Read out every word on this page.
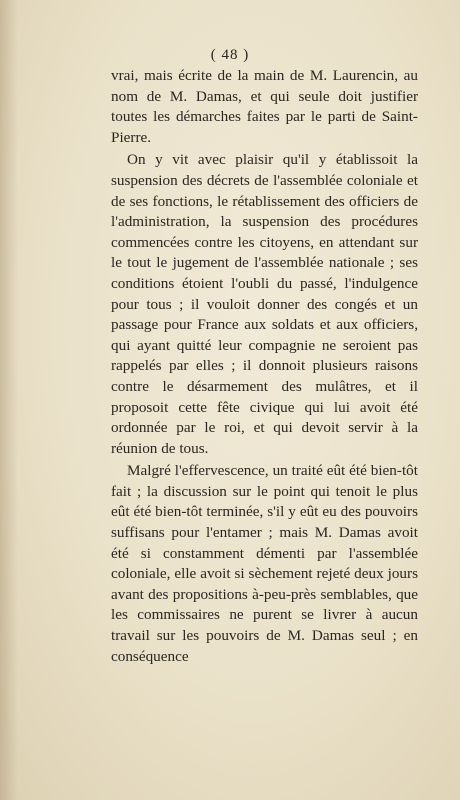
( 48 )

vrai, mais écrite de la main de M. Laurencin, au nom de M. Damas, et qui seule doit justifier toutes les démarches faites par le parti de Saint-Pierre.

On y vit avec plaisir qu'il y établissoit la suspension des décrets de l'assemblée coloniale et de ses fonctions, le rétablissement des officiers de l'administration, la suspension des procédures commencées contre les citoyens, en attendant sur le tout le jugement de l'assemblée nationale ; ses conditions étoient l'oubli du passé, l'indulgence pour tous ; il vouloit donner des congés et un passage pour France aux soldats et aux officiers, qui ayant quitté leur compagnie ne seroient pas rappelés par elles ; il donnoit plusieurs raisons contre le désarmement des mulâtres, et il proposoit cette fête civique qui lui avoit été ordonnée par le roi, et qui devoit servir à la réunion de tous.

Malgré l'effervescence, un traité eût été bien-tôt fait ; la discussion sur le point qui tenoit le plus eût été bien-tôt terminée, s'il y eût eu des pouvoirs suffisans pour l'entamer ; mais M. Damas avoit été si constamment démenti par l'assemblée coloniale, elle avoit si sèchement rejeté deux jours avant des propositions à-peu-près semblables, que les commissaires ne purent se livrer à aucun travail sur les pouvoirs de M. Damas seul ; en conséquence
